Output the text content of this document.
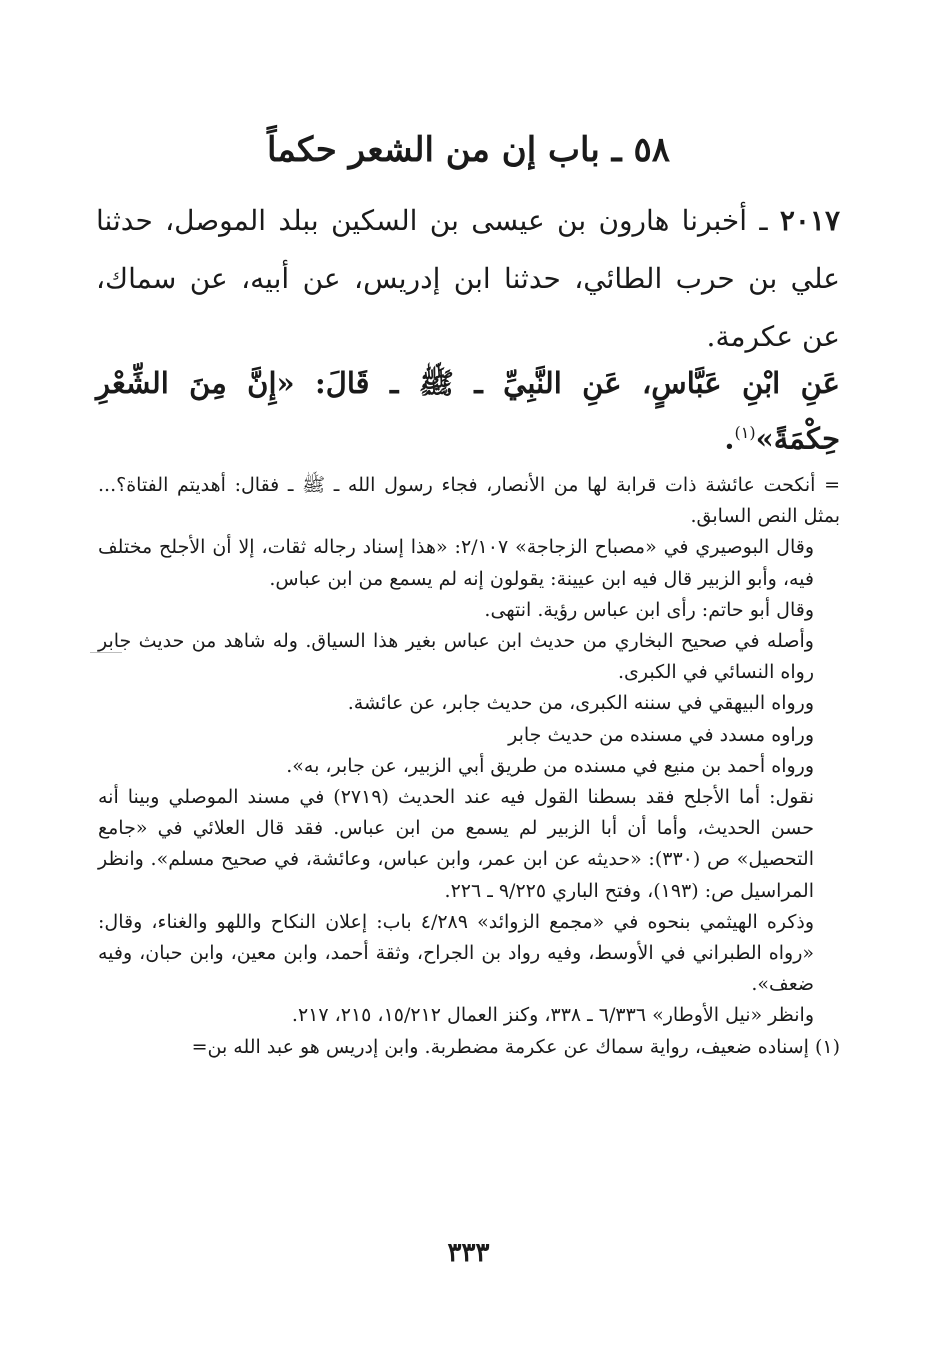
٥٨ ـ باب إن من الشعر حكماً
٢٠١٧ ـ أخبرنا هارون بن عيسى بن السكين ببلد الموصل، حدثنا علي بن حرب الطائي، حدثنا ابن إدريس، عن أبيه، عن سماك، عن عكرمة.
عَنِ ابْنِ عَبَّاسٍ، عَنِ النَّبِيِّ ـ ﷺ ـ قَالَ: «إِنَّ مِنَ الشِّعْرِ حِكْمَةً»$^{(١)}$.

= أنكحت عائشة ذات قرابة لها من الأنصار، فجاء رسول الله ـ ﷺ ـ فقال: أهديتم الفتاة؟... بمثل النص السابق.

وقال البوصيري في «مصباح الزجاجة» ٢/١٠٧: «هذا إسناد رجاله ثقات، إلا أن الأجلح مختلف فيه، وأبو الزبير قال فيه ابن عيينة: يقولون إنه لم يسمع من ابن عباس.

وقال أبو حاتم: رأى ابن عباس رؤية. انتهى.

وأصله في صحيح البخاري من حديث ابن عباس بغير هذا السياق. وله شاهد من حديث جابر رواه النسائي في الكبرى.

ورواه البيهقي في سننه الكبرى، من حديث جابر، عن عائشة.

وراوه مسدد في مسنده من حديث جابر

ورواه أحمد بن منيع في مسنده من طريق أبي الزبير، عن جابر، به».

نقول: أما الأجلح فقد بسطنا القول فيه عند الحديث (٢٧١٩) في مسند الموصلي وبينا أنه حسن الحديث، وأما أن أبا الزبير لم يسمع من ابن عباس. فقد قال العلائي في «جامع التحصيل» ص (٣٣٠): «حديثه عن ابن عمر، وابن عباس، وعائشة، في صحيح مسلم». وانظر المراسيل ص: (١٩٣)، وفتح الباري ٩/٢٢٥ ـ ٢٢٦.

وذكره الهيثمي بنحوه في «مجمع الزوائد» ٤/٢٨٩ باب: إعلان النكاح واللهو والغناء، وقال: «رواه الطبراني في الأوسط، وفيه رواد بن الجراح، وثقة أحمد، وابن معين، وابن حبان، وفيه ضعف».

وانظر «نيل الأوطار» ٦/٣٣٦ ـ ٣٣٨، وكنز العمال ١٥/٢١٢، ٢١٥، ٢١٧.

(١) إسناده ضعيف، رواية سماك عن عكرمة مضطربة. وابن إدريس هو عبد الله بن=

٣٣٣
